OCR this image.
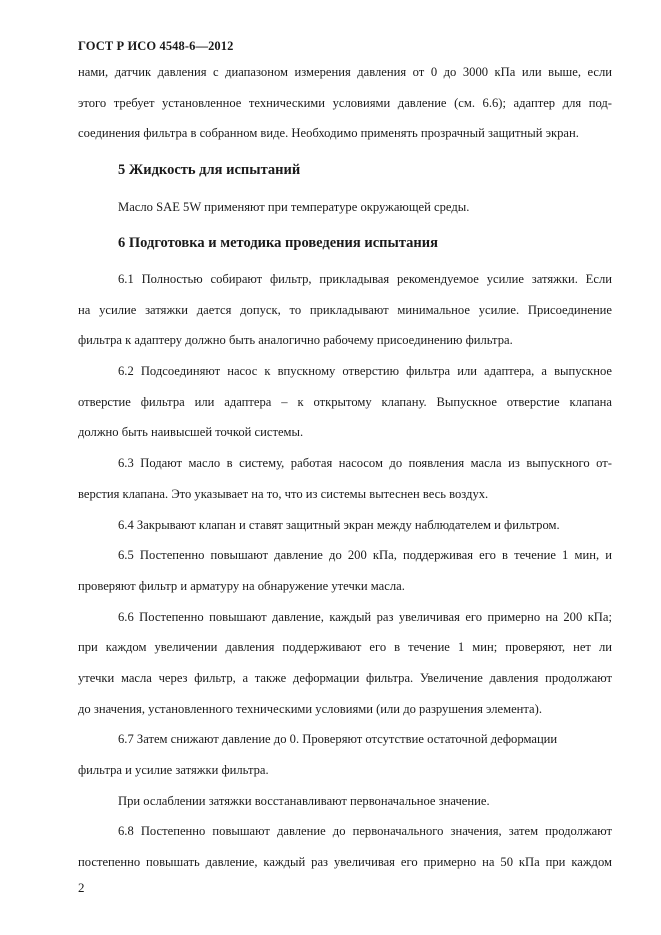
ГОСТ Р ИСО 4548-6—2012
нами, датчик давления с диапазоном измерения давления от 0 до 3000 кПа или выше, если
этого требует установленное техническими условиями давление (см. 6.6); адаптер для под-
соединения фильтра в собранном виде. Необходимо применять прозрачный защитный экран.
5 Жидкость для испытаний
Масло SAE 5W применяют при температуре окружающей среды.
6 Подготовка и методика проведения испытания
6.1 Полностью собирают фильтр, прикладывая рекомендуемое усилие затяжки. Если
на усилие затяжки дается допуск, то прикладывают минимальное усилие. Присоединение
фильтра к адаптеру должно быть аналогично рабочему присоединению фильтра.
6.2 Подсоединяют насос к впускному отверстию фильтра или адаптера, а выпускное
отверстие фильтра или адаптера – к открытому клапану. Выпускное отверстие клапана
должно быть наивысшей точкой системы.
6.3 Подают масло в систему, работая насосом до появления масла из выпускного от-
верстия клапана. Это указывает на то, что из системы вытеснен весь воздух.
6.4 Закрывают клапан и ставят защитный экран между наблюдателем и фильтром.
6.5 Постепенно повышают давление до 200 кПа, поддерживая его в течение 1 мин, и
проверяют фильтр и арматуру на обнаружение утечки масла.
6.6 Постепенно повышают давление, каждый раз увеличивая его примерно на 200 кПа;
при каждом увеличении давления поддерживают его в течение 1 мин; проверяют, нет ли
утечки масла через фильтр, а также деформации фильтра. Увеличение давления продолжают
до значения, установленного техническими условиями (или до разрушения элемента).
6.7 Затем снижают давление до 0. Проверяют отсутствие остаточной деформации
фильтра и усилие затяжки фильтра.
При ослаблении затяжки восстанавливают первоначальное значение.
6.8 Постепенно повышают давление до первоначального значения, затем продолжают
постепенно повышать давление, каждый раз увеличивая его примерно на 50 кПа при каждом
2
